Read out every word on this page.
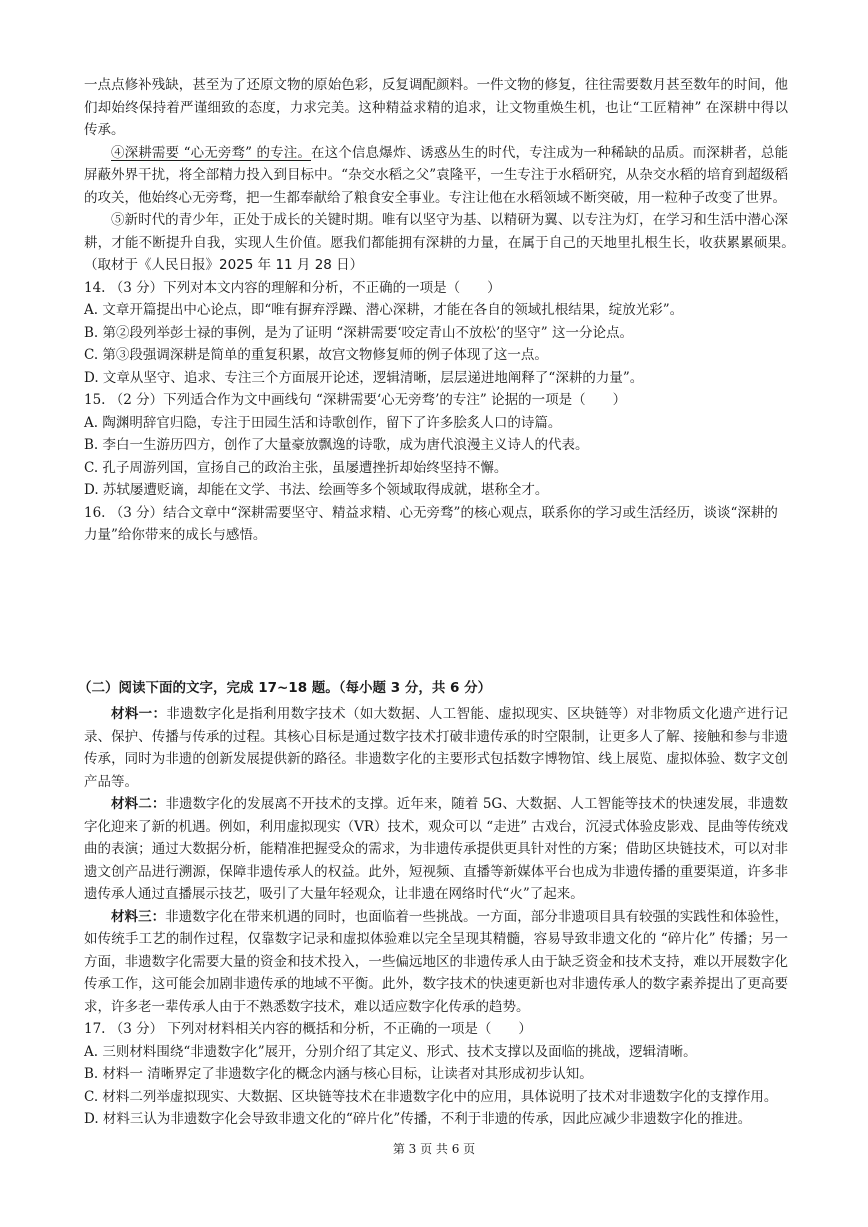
一点点修补残缺，甚至为了还原文物的原始色彩，反复调配颜料。一件文物的修复，往往需要数月甚至数年的时间，他们却始终保持着严谨细致的态度，力求完美。这种精益求精的追求，让文物重焕生机，也让“工匠精神” 在深耕中得以传承。

④深耕需要 “心无旁骛” 的专注。在这个信息爆炸、诱惑丛生的时代，专注成为一种稀缺的品质。而深耕者，总能屏蔽外界干扰，将全部精力投入到目标中。“杂交水稻之父”袁隆平，一生专注于水稻研究，从杂交水稻的培育到超级稻的攻关，他始终心无旁骛，把一生都奉献给了粮食安全事业。专注让他在水稻领域不断突破，用一粒种子改变了世界。

⑤新时代的青少年，正处于成长的关键时期。唯有以坚守为基、以精研为翼、以专注为灯，在学习和生活中潜心深耕，才能不断提升自我，实现人生价值。愿我们都能拥有深耕的力量，在属于自己的天地里扎根生长，收获累累硕果。　　（取材于《人民日报》2025 年 11 月 28 日）

14. （3 分）下列对本文内容的理解和分析，不正确的一项是（　　）

A. 文章开篇提出中心论点，即“唯有摒弃浮躁、潜心深耕，才能在各自的领域扎根结果，绽放光彩”。

B. 第②段列举彭士禄的事例，是为了证明 “深耕需要‘咬定青山不放松’的坚守” 这一分论点。

C. 第③段强调深耕是简单的重复积累，故宫文物修复师的例子体现了这一点。

D. 文章从坚守、追求、专注三个方面展开论述，逻辑清晰，层层递进地阐释了“深耕的力量”。

15. （2 分）下列适合作为文中画线句 “深耕需要‘心无旁骛’的专注” 论据的一项是（　　）

A. 陶渊明辞官归隐，专注于田园生活和诗歌创作，留下了许多脍炙人口的诗篇。

B. 李白一生游历四方，创作了大量豪放飘逸的诗歌，成为唐代浪漫主义诗人的代表。

C. 孔子周游列国，宣扬自己的政治主张，虽屡遭挫折却始终坚持不懈。

D. 苏轼屡遭贬谪，却能在文学、书法、绘画等多个领域取得成就，堪称全才。

16. （3 分）结合文章中“深耕需要坚守、精益求精、心无旁骛”的核心观点，联系你的学习或生活经历，谈谈“深耕的力量”给你带来的成长与感悟。

（二）阅读下面的文字，完成 17~18 题。（每小题 3 分，共 6 分）

材料一：非遗数字化是指利用数字技术（如大数据、人工智能、虚拟现实、区块链等）对非物质文化遗产进行记录、保护、传播与传承的过程。其核心目标是通过数字技术打破非遗传承的时空限制，让更多人了解、接触和参与非遗传承，同时为非遗的创新发展提供新的路径。非遗数字化的主要形式包括数字博物馆、线上展览、虚拟体验、数字文创产品等。

材料二：非遗数字化的发展离不开技术的支撑。近年来，随着 5G、大数据、人工智能等技术的快速发展，非遗数字化迎来了新的机遇。例如，利用虚拟现实（VR）技术，观众可以 “走进” 古戏台，沉浸式体验皮影戏、昆曲等传统戏曲的表演；通过大数据分析，能精准把握受众的需求，为非遗传承提供更具针对性的方案；借助区块链技术，可以对非遗文创产品进行溯源，保障非遗传承人的权益。此外，短视频、直播等新媒体平台也成为非遗传播的重要渠道，许多非遗传承人通过直播展示技艺，吸引了大量年轻观众，让非遗在网络时代“火”了起来。

材料三：非遗数字化在带来机遇的同时，也面临着一些挑战。一方面，部分非遗项目具有较强的实践性和体验性，如传统手工艺的制作过程，仅靠数字记录和虚拟体验难以完全呈现其精髓，容易导致非遗文化的 “碎片化” 传播；另一方面，非遗数字化需要大量的资金和技术投入，一些偏远地区的非遗传承人由于缺乏资金和技术支持，难以开展数字化传承工作，这可能会加剧非遗传承的地域不平衡。此外，数字技术的快速更新也对非遗传承人的数字素养提出了更高要求，许多老一辈传承人由于不熟悉数字技术，难以适应数字化传承的趋势。

17. （3 分） 下列对材料相关内容的概括和分析，不正确的一项是（　　）

A. 三则材料围绕“非遗数字化”展开，分别介绍了其定义、形式、技术支撑以及面临的挑战，逻辑清晰。

B. 材料一 清晰界定了非遗数字化的概念内涵与核心目标，让读者对其形成初步认知。

C. 材料二列举虚拟现实、大数据、区块链等技术在非遗数字化中的应用，具体说明了技术对非遗数字化的支撑作用。

D. 材料三认为非遗数字化会导致非遗文化的“碎片化”传播，不利于非遗的传承，因此应减少非遗数字化的推进。

第 3 页 共 6 页
